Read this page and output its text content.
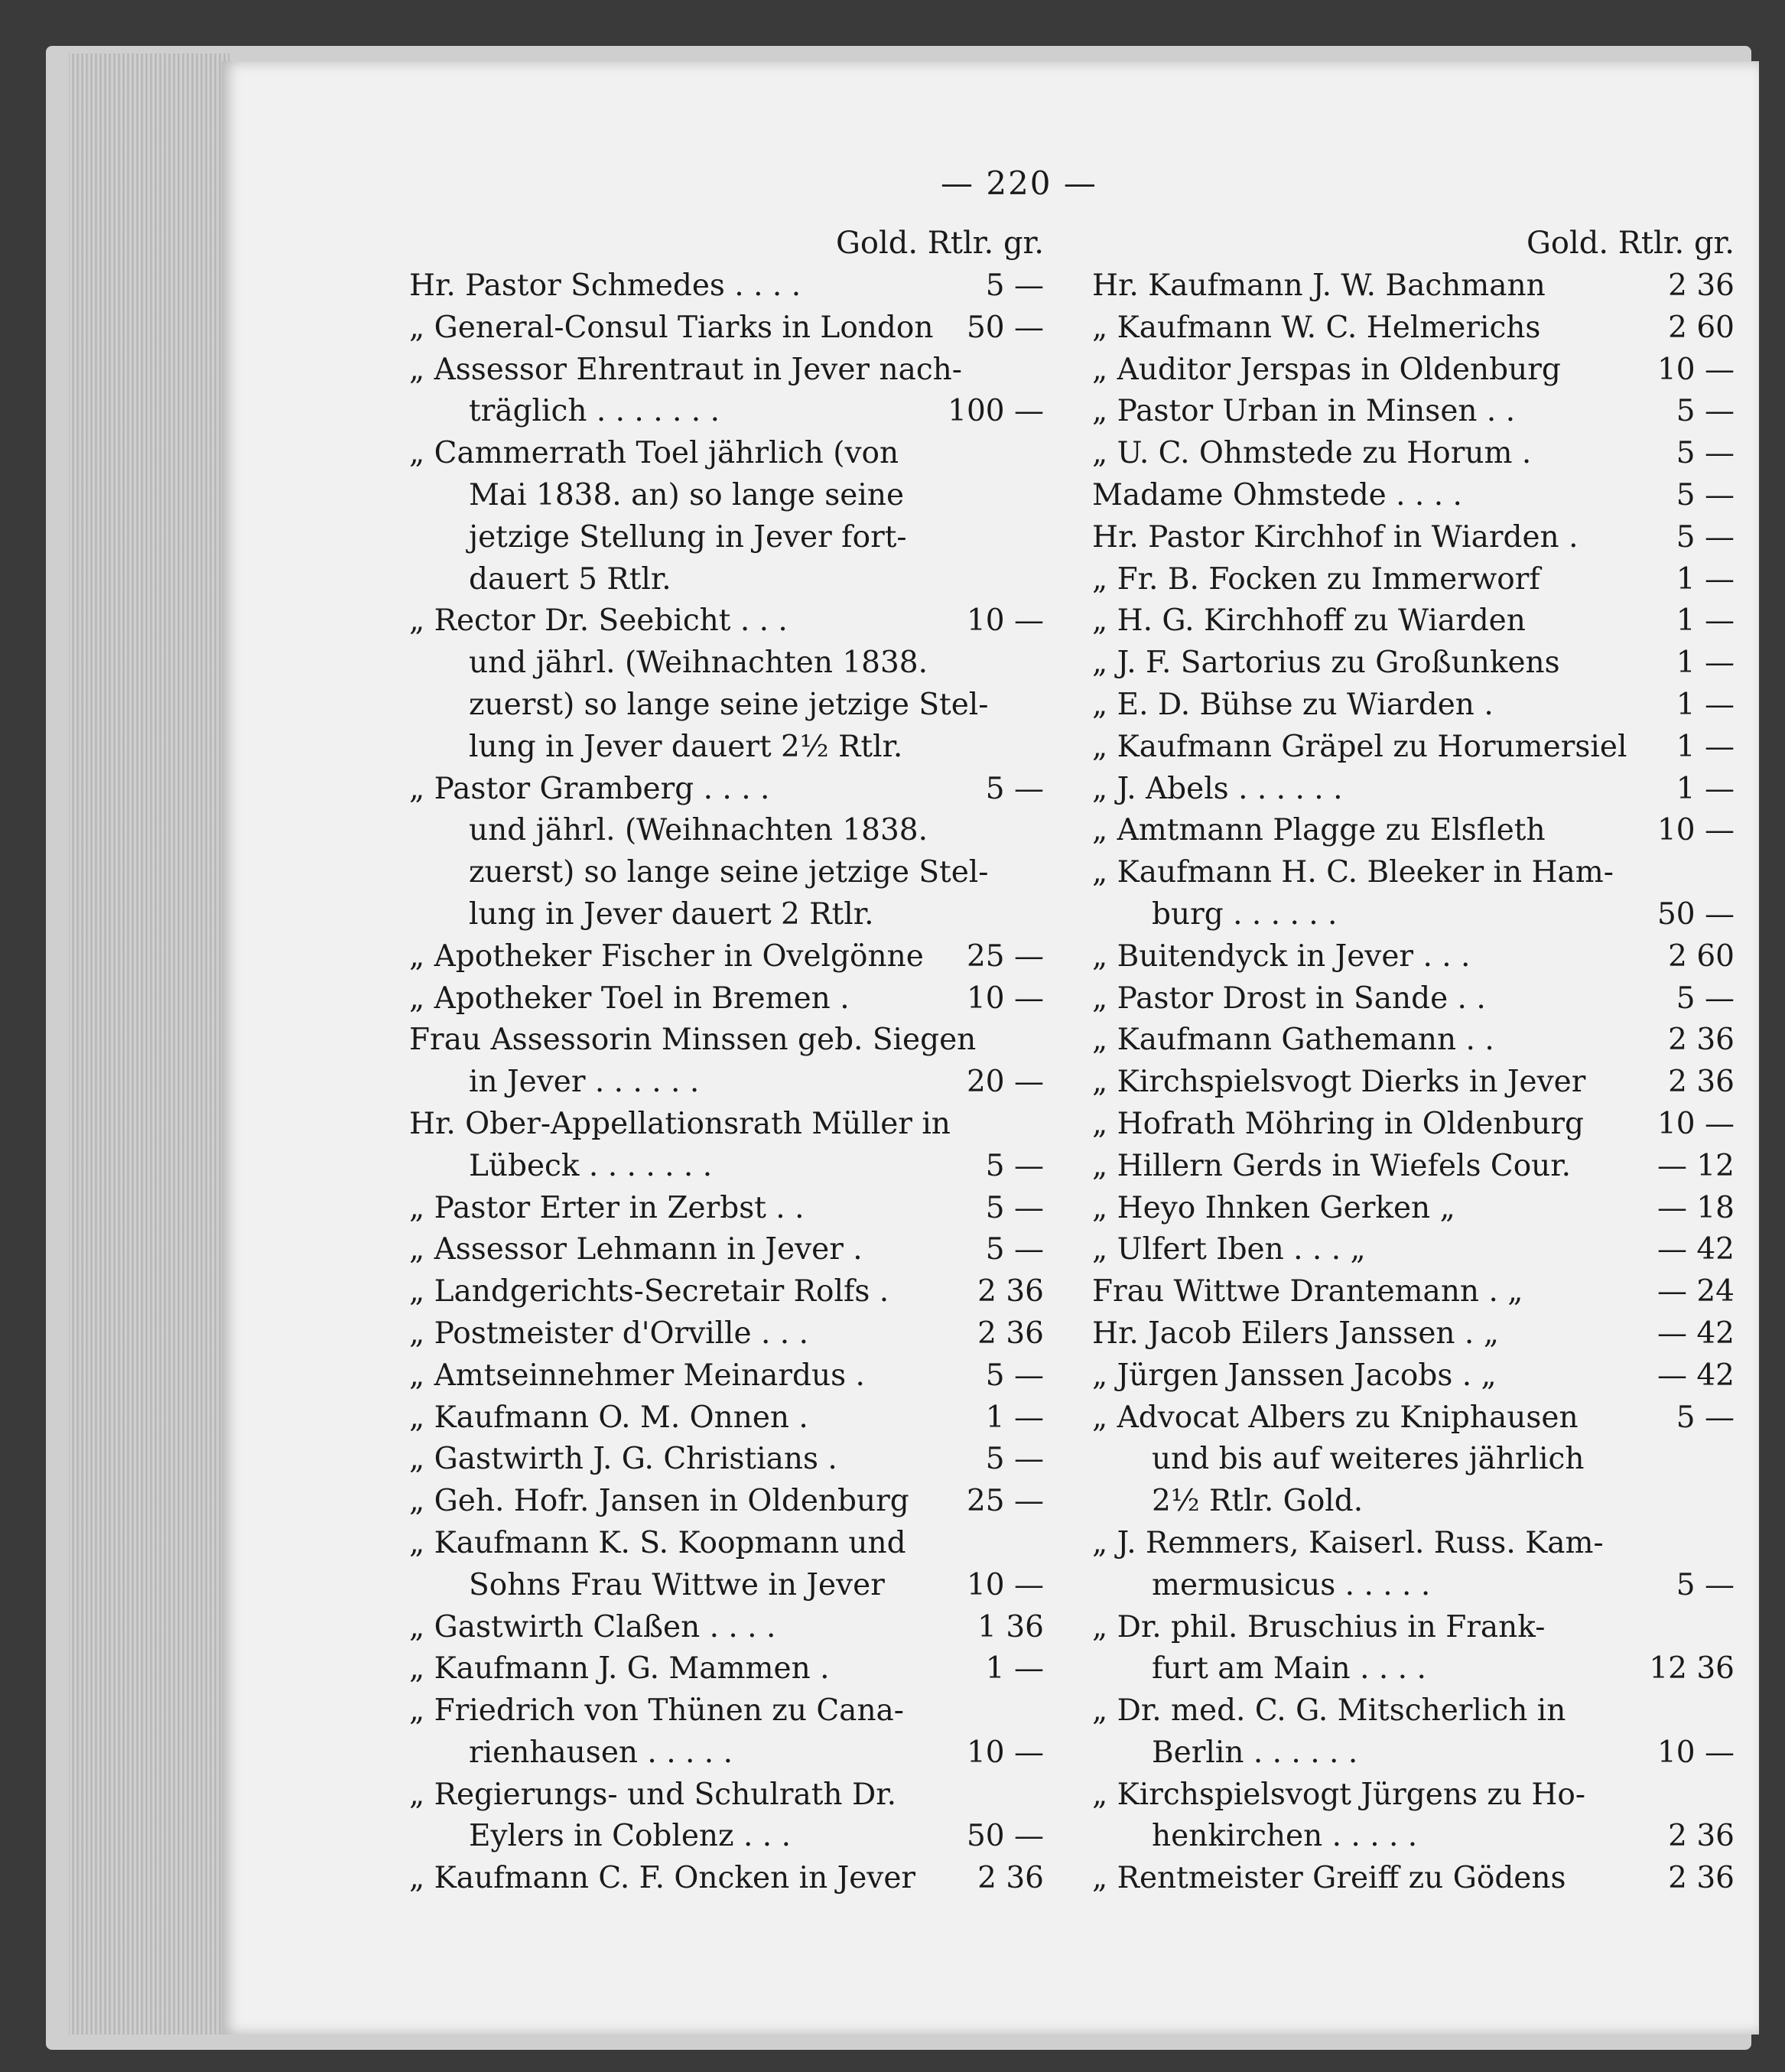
— 220 —
Gold. Rtlr. gr.
Hr. Pastor Schmedes . . . .	5 —
„ General-Consul Tiarks in London 50 —
„ Assessor Ehrentraut in Jever nach-
träglich . . . . . . .	100 —
„ Cammerrath Toel jährlich (von
Mai 1838. an) so lange seine
jetzige Stellung in Jever fort-
dauert 5 Rtlr.
„ Rector Dr. Seebicht . . .	10 —
und jährl. (Weihnachten 1838.
zuerst) so lange seine jetzige Stel-
lung in Jever dauert 2½ Rtlr.
„ Pastor Gramberg . . . .	5 —
und jährl. (Weihnachten 1838.
zuerst) so lange seine jetzige Stel-
lung in Jever dauert 2 Rtlr.
„ Apotheker Fischer in Ovelgönne 25 —
„ Apotheker Toel in Bremen .	10 —
Frau Assessorin Minssen geb. Siegen
in Jever . . . . . .	20 —
Hr. Ober-Appellationsrath Müller in
Lübeck . . . . . . .	5 —
„ Pastor Erter in Zerbst . .	5 —
„ Assessor Lehmann in Jever .	5 —
„ Landgerichts-Secretair Rolfs .	2 36
„ Postmeister d'Orville . . .	2 36
„ Amtseinnehmer Meinardus .	5 —
„ Kaufmann O. M. Onnen .	1 —
„ Gastwirth J. G. Christians .	5 —
„ Geh. Hofr. Jansen in Oldenburg 25 —
„ Kaufmann K. S. Koopmann und
Sohns Frau Wittwe in Jever	10 —
„ Gastwirth Claßen . . . .	1 36
„ Kaufmann J. G. Mammen .	1 —
„ Friedrich von Thünen zu Cana-
rienhausen . . . . .	10 —
„ Regierungs- und Schulrath Dr.
Eylers in Coblenz . . .	50 —
„ Kaufmann C. F. Oncken in Jever 2 36
Gold. Rtlr. gr.
Hr. Kaufmann J. W. Bachmann	2 36
„ Kaufmann W. C. Helmerichs	2 60
„ Auditor Jerspas in Oldenburg	10 —
„ Pastor Urban in Minsen . .	5 —
„ U. C. Ohmstede zu Horum .	5 —
Madame Ohmstede . . . .	5 —
Hr. Pastor Kirchhof in Wiarden .	5 —
„ Fr. B. Focken zu Immerworf	1 —
„ H. G. Kirchhoff zu Wiarden	1 —
„ J. F. Sartorius zu Großunkens	1 —
„ E. D. Bühse zu Wiarden .	1 —
„ Kaufmann Gräpel zu Horumersiel 1 —
„ J. Abels . . . . . .	1 —
„ Amtmann Plagge zu Elsfleth	10 —
„ Kaufmann H. C. Bleeker in Ham-
burg . . . . . .	50 —
„ Buitendyck in Jever . . .	2 60
„ Pastor Drost in Sande . .	5 —
„ Kaufmann Gathemann . .	2 36
„ Kirchspielsvogt Dierks in Jever	2 36
„ Hofrath Möhring in Oldenburg 10 —
„ Hillern Gerds in Wiefels Cour.	— 12
„ Heyo Ihnken Gerken „	— 18
„ Ulfert Iben . . . „	— 42
Frau Wittwe Drantemann . „	— 24
Hr. Jacob Eilers Janssen . „	— 42
„ Jürgen Janssen Jacobs . „	— 42
„ Advocat Albers zu Kniphausen	5 —
und bis auf weiteres jährlich
2½ Rtlr. Gold.
„ J. Remmers, Kaiserl. Russ. Kam-
mermusicus . . . . .	5 —
„ Dr. phil. Bruschius in Frank-
furt am Main . . . .	12 36
„ Dr. med. C. G. Mitscherlich in
Berlin . . . . . .	10 —
„ Kirchspielsvogt Jürgens zu Ho-
henkirchen . . . . .	2 36
„ Rentmeister Greiff zu Gödens	2 36
